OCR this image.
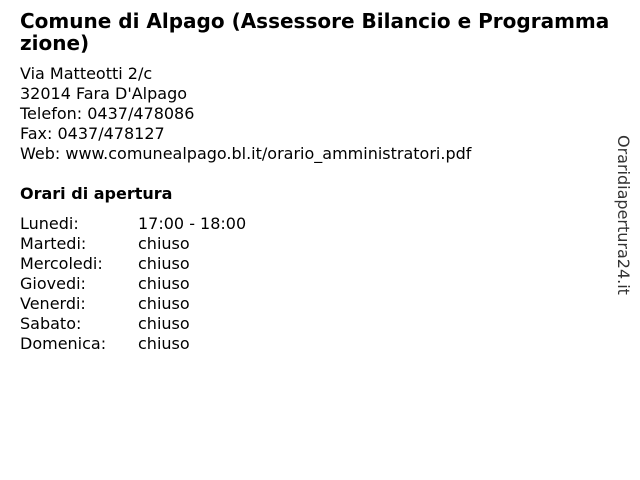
Comune di Alpago (Assessore Bilancio e Programmazione)
Via Matteotti 2/c
32014 Fara D'Alpago
Telefon: 0437/478086
Fax: 0437/478127
Web: www.comunealpago.bl.it/orario_amministratori.pdf
Orari di apertura
Lunedi:	17:00 - 18:00
Martedi:	chiuso
Mercoledi:	chiuso
Giovedi:	chiuso
Venerdi:	chiuso
Sabato:	chiuso
Domenica:	chiuso
Oraridiapertura24.it
